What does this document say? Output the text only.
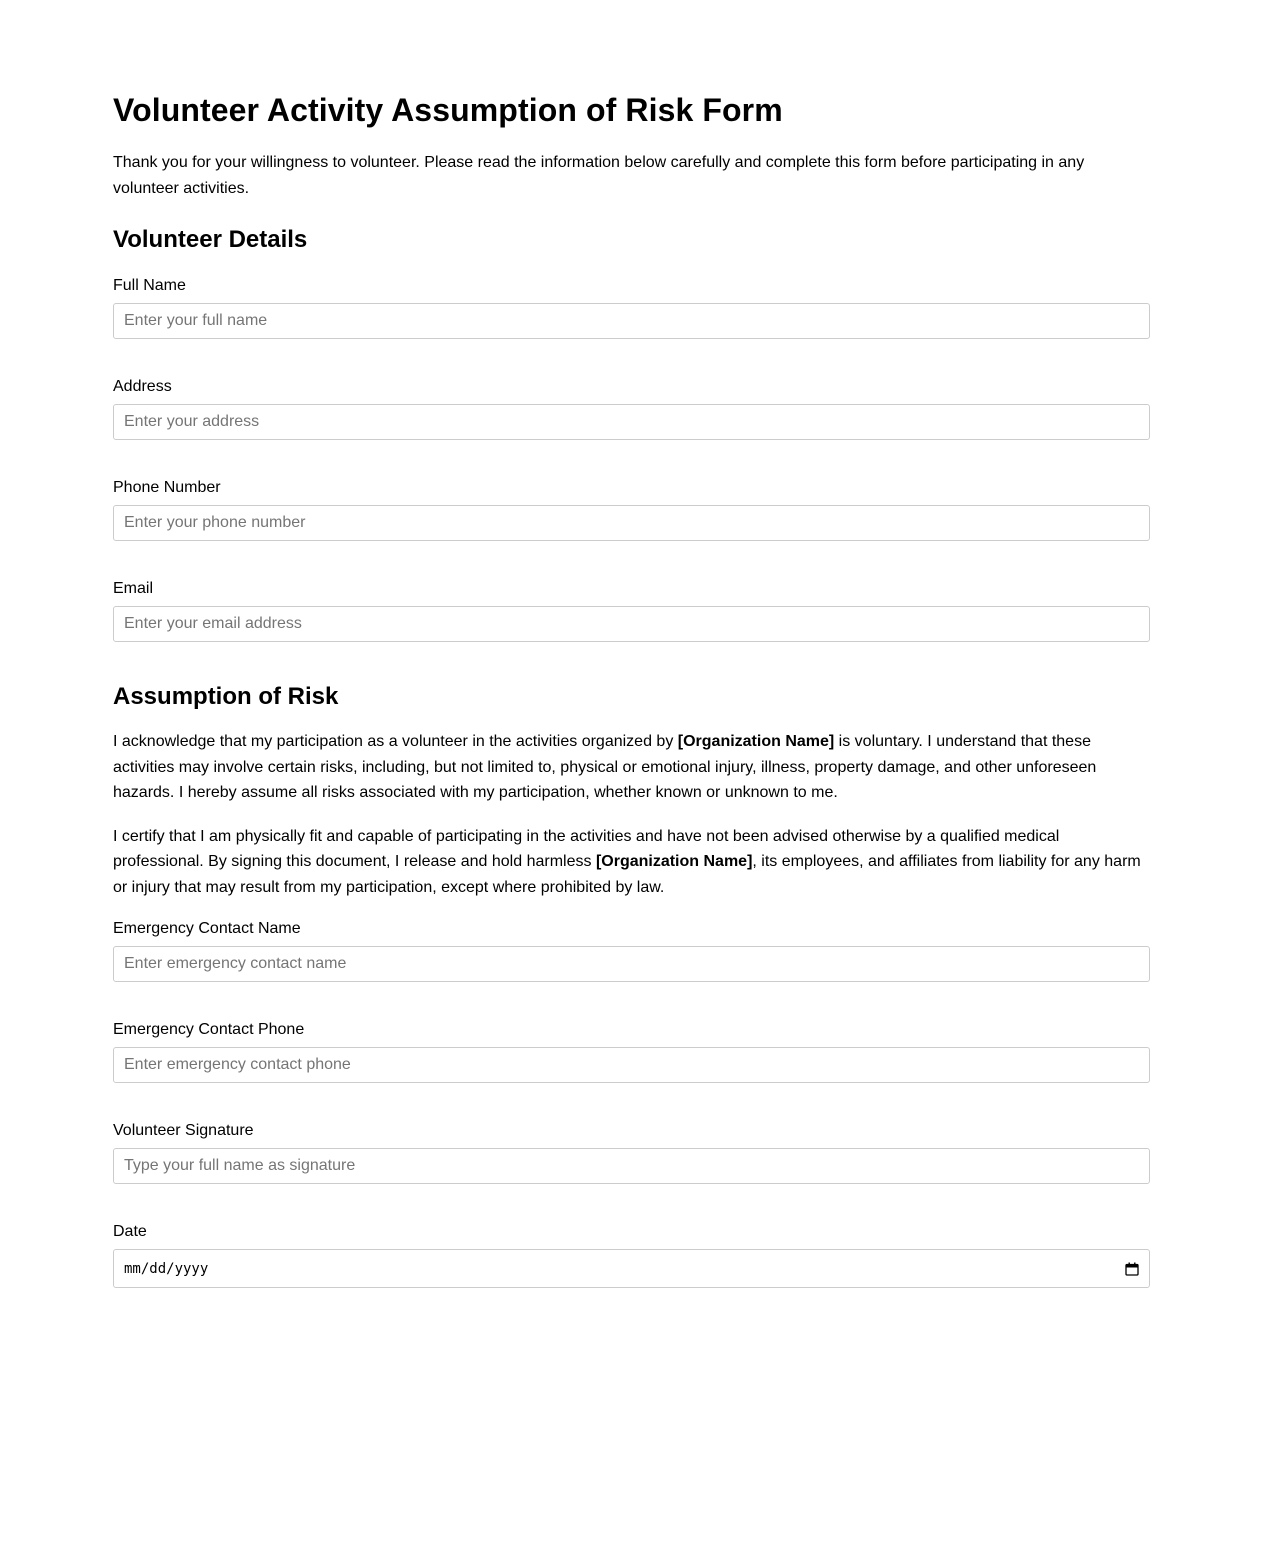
Volunteer Activity Assumption of Risk Form

Thank you for your willingness to volunteer. Please read the information below carefully and complete this form before participating in any volunteer activities.

Volunteer Details
Full Name
Enter your full name
Address
Enter your address
Phone Number
Enter your phone number
Email
Enter your email address
Assumption of Risk

I acknowledge that my participation as a volunteer in the activities organized by [Organization Name] is voluntary. I understand that these activities may involve certain risks, including, but not limited to, physical or emotional injury, illness, property damage, and other unforeseen hazards. I hereby assume all risks associated with my participation, whether known or unknown to me.

I certify that I am physically fit and capable of participating in the activities and have not been advised otherwise by a qualified medical professional. By signing this document, I release and hold harmless [Organization Name], its employees, and affiliates from liability for any harm or injury that may result from my participation, except where prohibited by law.

Emergency Contact Name
Enter emergency contact name
Emergency Contact Phone
Enter emergency contact phone
Volunteer Signature
Type your full name as signature
Date
mm/dd/yyyy
